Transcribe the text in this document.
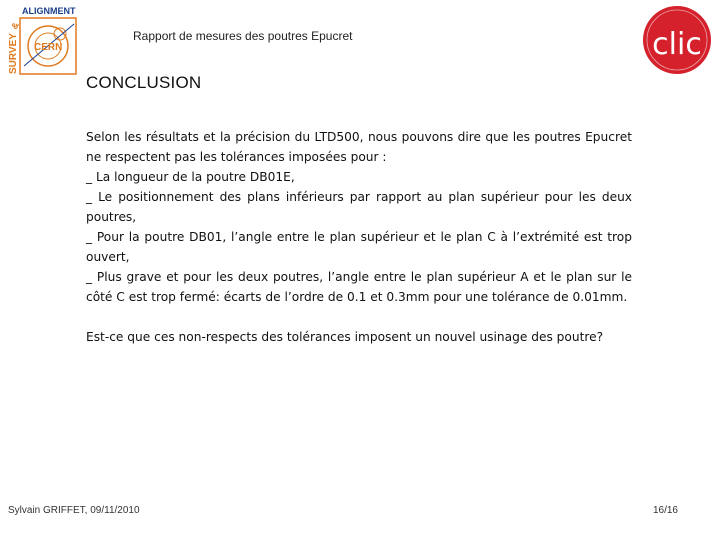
SURVEY
&
ALIGNMENT
CERN
Rapport de mesures des poutres Epucret	clic
CONCLUSION

Selon les résultats et la précision du LTD500, nous pouvons dire que les poutres Epucret ne respectent pas les tolérances imposées pour :

_ La longueur de la poutre DB01E,

_ Le positionnement des plans inférieurs par rapport au plan supérieur pour les deux poutres,

_ Pour la poutre DB01, l’angle entre le plan supérieur et le plan C à l’extrémité est trop ouvert,

_ Plus grave et pour les deux poutres, l’angle entre le plan supérieur A et le plan sur le côté C est trop fermé: écarts de l’ordre de 0.1 et 0.3mm pour une tolérance de 0.01mm.

Est-ce que ces non-respects des tolérances imposent un nouvel usinage des poutre?

Sylvain GRIFFET, 09/11/2010	16/16
